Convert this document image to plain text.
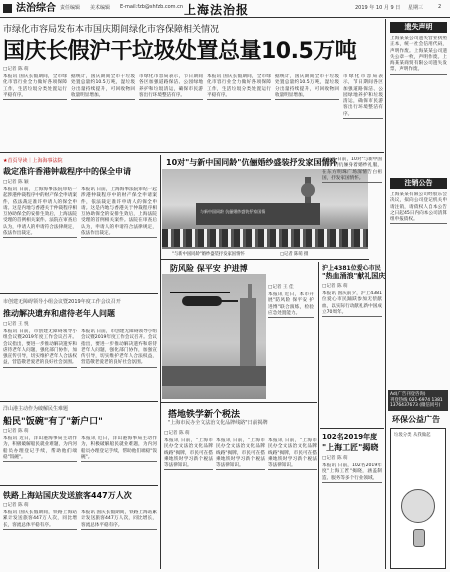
法治综合 责任编辑 美术编辑 E-mail:fzb@shfzb.com.cn 上海法治报	2019 年 10 月 9 日 星期三	2
市绿化市容局发布本市国庆期间绿化市容保障相关情况
国庆长假沪干垃圾处置总量10.5万吨
□记者 陈 萌
本报讯 国庆长假期间，全市绿化市容行业全力做好各项保障工作，生活垃圾分类处置运行平稳有序。
据统计，国庆期间全市干垃圾处置总量约10.5万吨，湿垃圾分出量持续提升，可回收物回收量明显增加。
市绿化市容局表示，节日期间各区加强道路保洁、公园绿地养护和垃圾清运，确保市民游客出行环境整洁有序。
本报讯 国庆长假期间，全市绿化市容行业全力做好各项保障工作，生活垃圾分类处置运行平稳有序。
据统计，国庆期间全市干垃圾处置总量约10.5万吨，湿垃圾分出量持续提升，可回收物回收量明显增加。
市绿化市容局表示，节日期间各区加强道路保洁、公园绿地养护和垃圾清运，确保市民游客出行环境整洁有序。
★首页导读｜上海海事法院
裁定准许香港钟裁程序中的保全申请
□记者 陈 颖
本报讯 日前，上海海事法院审结一起涉港仲裁程序中的财产保全申请案件，依法裁定准许申请人的保全申请。这是内地与香港关于仲裁程序相互协助保全的安排生效后，上海法院受理的首例相关案件。法院在审查后认为，申请人的申请符合法律规定，依法作出裁定。
本报讯 日前，上海海事法院审结一起涉港仲裁程序中的财产保全申请案件，依法裁定准许申请人的保全申请。这是内地与香港关于仲裁程序相互协助保全的安排生效后，上海法院受理的首例相关案件。法院在审查后认为，申请人的申请符合法律规定，依法作出裁定。
市创建无障碍领导小组会议暨2019年度工作会议召开
推动解决遗弃和虐待老年人问题
□记者 王 悦
本报讯 日前，市创建无障碍领导小组会议暨2019年度工作会议召开。会议指出，要进一步推动解决遗弃和虐待老年人问题，强化部门协作，加强宣传引导，切实维护老年人合法权益，营造敬老爱老的良好社会氛围。
本报讯 日前，市创建无障碍领导小组会议暨2019年度工作会议召开。会议指出，要进一步推动解决遗弃和虐待老年人问题，强化部门协作，加强宣传引导，切实维护老年人合法权益，营造敬老爱老的良好社会氛围。
洋山港主动作为破解民生难题
船民"饭碗"有了"新户口"
□记者 陈 萌
本报讯 近日，洋山港海事局主动作为，积极破解船民就业难题，为内河船员办理登记手续，帮助他们端稳"饭碗"。
本报讯 近日，洋山港海事局主动作为，积极破解船民就业难题，为内河船员办理登记手续，帮助他们端稳"饭碗"。
铁路上海站国庆发送旅客447万人次
□记者 陈 萌
本报讯 国庆长假期间，铁路上海站累计发送旅客447万人次，同比增长，客流总体平稳有序。
本报讯 国庆长假期间，铁路上海站累计发送旅客447万人次，同比增长，客流总体平稳有序。
10对"与新中国同龄"伉俪婚纱盛装抒发家国情怀
与新中国同龄 伉俪婚纱盛装抒家国情
"与新中国同龄"婚纱盛装抒发家国情怀	□记者 陈萌 摄
防风险 保平安 护进博
□记者 王 佳
本报讯 近日，本市开展"防风险 保平安 护进博"联合演练，检验应急处置能力。
搭地铁学新个税法
"上海市民办全文法治文化品牌线路"日前揭牌
□记者 陈 萌
本报讯 日前，"上海市民办全文法治文化品牌线路"揭牌，市民可在搭乘地铁时学习新个税法等法律知识。
本报讯 日前，"上海市民办全文法治文化品牌线路"揭牌，市民可在搭乘地铁时学习新个税法等法律知识。
本报讯 日前，"上海市民办全文法治文化品牌线路"揭牌，市民可在搭乘地铁时学习新个税法等法律知识。
本报讯 日前，10对"与新中国同龄"的伉俪身着婚纱礼服，在东方明珠广场深情告白祖国，抒发家国情怀。
沪上4381位爱心市民
"热血涌浪"献礼国庆
□记者 陈 萌
本报讯 国庆前夕，沪上4381位爱心市民踊跃参加无偿献血，以实际行动献礼新中国成立70周年。
102名2019年度
"上海工匠"揭晓
□记者 陈 萌
本报讯 日前，102名2019年度"上海工匠"揭晓，涵盖制造、服务等多个行业领域。
遗失声明
上海某某公司遗失营业执照正本，统一社会信用代码，声明作废。上海某某公司遗失公章一枚，声明作废。上海某某商贸有限公司遗失发票，声明作废。
注销公告
上海某某有限公司经股东会决议，拟向公司登记机关申请注销，请债权人自本公告之日起45日内向本公司清算组申报债权。
Ad(广告刊登咨询)
刊登热线 021-6974 1381
1376437673 (微信同号)
环保公益广告
垃圾分类 从我做起
